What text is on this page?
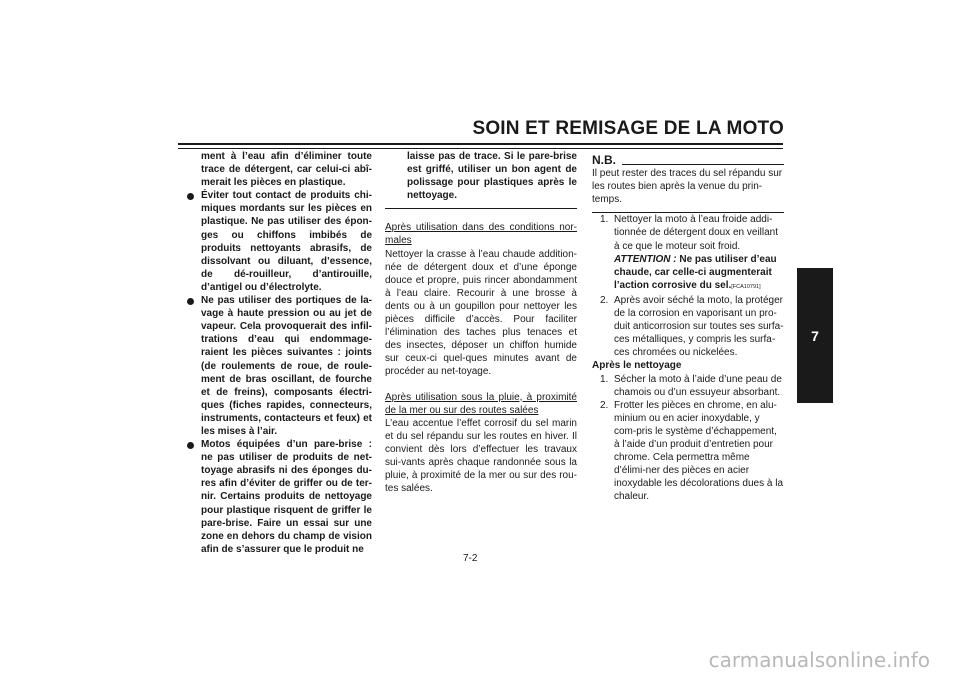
SOIN ET REMISAGE DE LA MOTO
7

ment à l’eau afin d’éliminer toute trace de détergent, car celui-ci abî-merait les pièces en plastique.

Éviter tout contact de produits chi-miques mordants sur les pièces en plastique. Ne pas utiliser des épon-ges ou chiffons imbibés de produits nettoyants abrasifs, de dissolvant ou diluant, d’essence, de dé-rouilleur, d’antirouille, d’antigel ou d’électrolyte.

Ne pas utiliser des portiques de la-vage à haute pression ou au jet de vapeur. Cela provoquerait des infil-trations d’eau qui endommage-raient les pièces suivantes : joints (de roulements de roue, de roule-ment de bras oscillant, de fourche et de freins), composants électri-ques (fiches rapides, connecteurs, instruments, contacteurs et feux) et les mises à l’air.

Motos équipées d’un pare-brise : ne pas utiliser de produits de net-toyage abrasifs ni des éponges du-res afin d’éviter de griffer ou de ter-nir. Certains produits de nettoyage pour plastique risquent de griffer le pare-brise. Faire un essai sur une zone en dehors du champ de vision afin de s’assurer que le produit ne

laisse pas de trace. Si le pare-brise est griffé, utiliser un bon agent de polissage pour plastiques après le nettoyage.

Après utilisation dans des conditions nor-males

Nettoyer la crasse à l’eau chaude addition-née de détergent doux et d’une éponge douce et propre, puis rincer abondamment à l’eau claire. Recourir à une brosse à dents ou à un goupillon pour nettoyer les pièces difficile d’accès. Pour faciliter l’élimination des taches plus tenaces et des insectes, déposer un chiffon humide sur ceux-ci quel-ques minutes avant de procéder au net-toyage.

Après utilisation sous la pluie, à proximité de la mer ou sur des routes salées

L’eau accentue l’effet corrosif du sel marin et du sel répandu sur les routes en hiver. Il convient dès lors d’effectuer les travaux sui-vants après chaque randonnée sous la pluie, à proximité de la mer ou sur des rou-tes salées.

N.B.

Il peut rester des traces du sel répandu sur les routes bien après la venue du prin-temps.

1. Nettoyer la moto à l’eau froide addi-tionnée de détergent doux en veillant à ce que le moteur soit froid. ATTENTION : Ne pas utiliser d’eau chaude, car celle-ci augmenterait l’action corrosive du sel.[FCA10791]
2. Après avoir séché la moto, la protéger de la corrosion en vaporisant un pro-duit anticorrosion sur toutes ses surfa-ces métalliques, y compris les surfa-ces chromées ou nickelées.

Après le nettoyage

1. Sécher la moto à l’aide d’une peau de chamois ou d’un essuyeur absorbant.
2. Frotter les pièces en chrome, en alu-minium ou en acier inoxydable, y com-pris le système d’échappement, à l’aide d’un produit d’entretien pour chrome. Cela permettra même d’élimi-ner des pièces en acier inoxydable les décolorations dues à la chaleur.
7-2
carmanualsonline.info
